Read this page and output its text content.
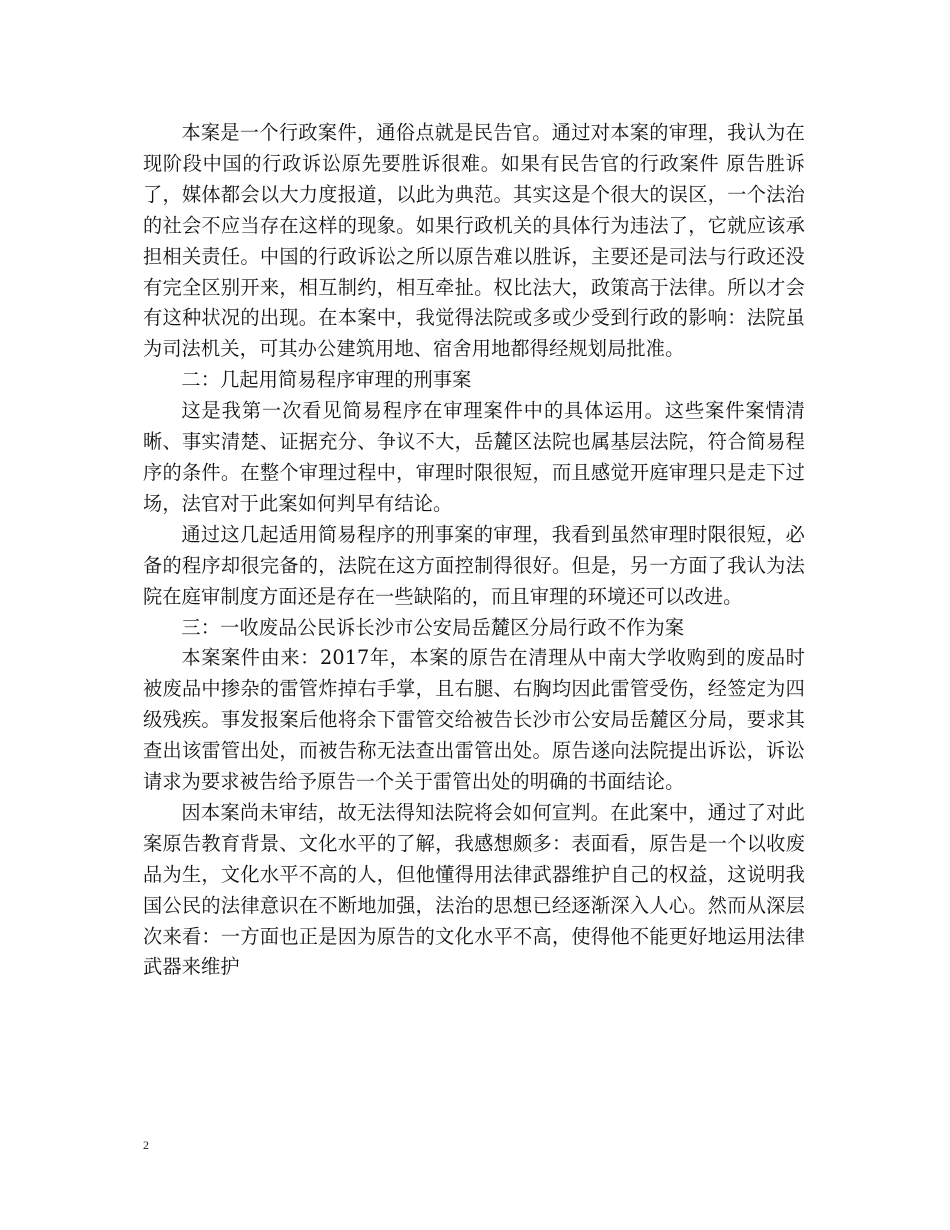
本案是一个行政案件，通俗点就是民告官。通过对本案的审理，我认为在现阶段中国的行政诉讼原先要胜诉很难。如果有民告官的行政案件 原告胜诉了，媒体都会以大力度报道，以此为典范。其实这是个很大的误区，一个法治的社会不应当存在这样的现象。如果行政机关的具体行为违法了，它就应该承担相关责任。中国的行政诉讼之所以原告难以胜诉，主要还是司法与行政还没有完全区别开来，相互制约，相互牵扯。权比法大，政策高于法律。所以才会有这种状况的出现。在本案中，我觉得法院或多或少受到行政的影响：法院虽为司法机关，可其办公建筑用地、宿舍用地都得经规划局批准。

二：几起用简易程序审理的刑事案

这是我第一次看见简易程序在审理案件中的具体运用。这些案件案情清晰、事实清楚、证据充分、争议不大，岳麓区法院也属基层法院，符合简易程序的条件。在整个审理过程中，审理时限很短，而且感觉开庭审理只是走下过场，法官对于此案如何判早有结论。

通过这几起适用简易程序的刑事案的审理，我看到虽然审理时限很短，必备的程序却很完备的，法院在这方面控制得很好。但是，另一方面了我认为法院在庭审制度方面还是存在一些缺陷的，而且审理的环境还可以改进。

三：一收废品公民诉长沙市公安局岳麓区分局行政不作为案

本案案件由来：2017年，本案的原告在清理从中南大学收购到的废品时被废品中掺杂的雷管炸掉右手掌，且右腿、右胸均因此雷管受伤，经签定为四级残疾。事发报案后他将余下雷管交给被告长沙市公安局岳麓区分局，要求其查出该雷管出处，而被告称无法查出雷管出处。原告遂向法院提出诉讼，诉讼请求为要求被告给予原告一个关于雷管出处的明确的书面结论。

因本案尚未审结，故无法得知法院将会如何宣判。在此案中，通过了对此案原告教育背景、文化水平的了解，我感想颇多：表面看，原告是一个以收废品为生，文化水平不高的人，但他懂得用法律武器维护自己的权益，这说明我国公民的法律意识在不断地加强，法治的思想已经逐渐深入人心。然而从深层次来看：一方面也正是因为原告的文化水平不高，使得他不能更好地运用法律武器来维护

2
